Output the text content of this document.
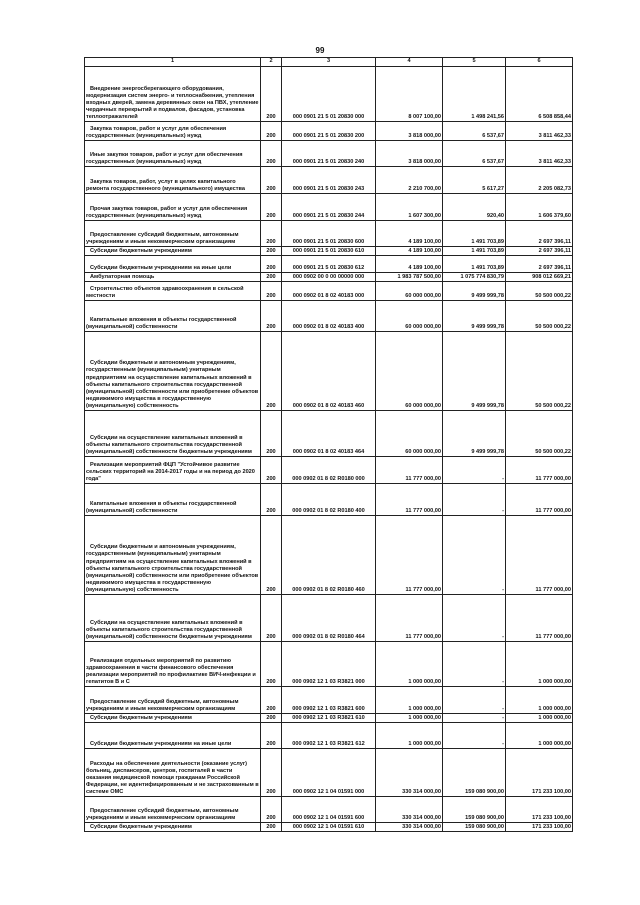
99
1	2	3	4	5	6
Внедрение энергосберегающего оборудования, модернизация систем энерго- и теплоснабжения, утепления входных дверей, замена деревянных окон на ПВХ, утепление чердачных перекрытий и подвалов, фасадов, установка теплоотражателей	200	000 0901 21 5 01 20830 000	8 007 100,00	1 498 241,56	6 508 858,44
Закупка товаров, работ и услуг для обеспечения государственных (муниципальных) нужд	200	000 0901 21 5 01 20830 200	3 818 000,00	6 537,67	3 811 462,33
Иные закупки товаров, работ и услуг для обеспечения государственных (муниципальных) нужд	200	000 0901 21 5 01 20830 240	3 818 000,00	6 537,67	3 811 462,33
Закупка товаров, работ, услуг в целях капитального ремонта государственного (муниципального) имущества	200	000 0901 21 5 01 20830 243	2 210 700,00	5 617,27	2 205 082,73
Прочая закупка товаров, работ и услуг для обеспечения государственных (муниципальных) нужд	200	000 0901 21 5 01 20830 244	1 607 300,00	920,40	1 606 379,60
Предоставление субсидий бюджетным, автономным учреждениям и иным некоммерческим организациям	200	000 0901 21 5 01 20830 600	4 189 100,00	1 491 703,89	2 697 396,11
Субсидии бюджетным учреждениям	200	000 0901 21 5 01 20830 610	4 189 100,00	1 491 703,89	2 697 396,11
Субсидии бюджетным учреждениям на иные цели	200	000 0901 21 5 01 20830 612	4 189 100,00	1 491 703,89	2 697 396,11
Амбулаторная помощь	200	000 0902 00 0 00 00000 000	1 983 787 500,00	1 075 774 830,79	908 012 669,21
Строительство объектов здравоохранения в сельской местности	200	000 0902 01 8 02 40183 000	60 000 000,00	9 499 999,78	50 500 000,22
Капитальные вложения в объекты государственной (муниципальной) собственности	200	000 0902 01 8 02 40183 400	60 000 000,00	9 499 999,78	50 500 000,22
Субсидии бюджетным и автономным учреждениям, государственным (муниципальным) унитарным предприятиям на осуществление капитальных вложений в объекты капитального строительства государственной (муниципальной) собственности или приобретение объектов недвижимого имущества в государственную (муниципальную) собственность	200	000 0902 01 8 02 40183 460	60 000 000,00	9 499 999,78	50 500 000,22
Субсидии на осуществление капитальных вложений в объекты капитального строительства государственной (муниципальной) собственности бюджетным учреждениям	200	000 0902 01 8 02 40183 464	60 000 000,00	9 499 999,78	50 500 000,22
Реализация мероприятий ФЦП "Устойчивое развитие сельских территорий на 2014-2017 годы и на период до 2020 года"	200	000 0902 01 8 02 R0180 000	11 777 000,00	-	11 777 000,00
Капитальные вложения в объекты государственной (муниципальной) собственности	200	000 0902 01 8 02 R0180 400	11 777 000,00	-	11 777 000,00
Субсидии бюджетным и автономным учреждениям, государственным (муниципальным) унитарным предприятиям на осуществление капитальных вложений в объекты капитального строительства государственной (муниципальной) собственности или приобретение объектов недвижимого имущества в государственную (муниципальную) собственность	200	000 0902 01 8 02 R0180 460	11 777 000,00	-	11 777 000,00
Субсидии на осуществление капитальных вложений в объекты капитального строительства государственной (муниципальной) собственности бюджетным учреждениям	200	000 0902 01 8 02 R0180 464	11 777 000,00	-	11 777 000,00
Реализация отдельных мероприятий по развитию здравоохранения в части финансового обеспечения реализации мероприятий по профилактике ВИЧ-инфекции и гепатитов B и C	200	000 0902 12 1 03 R3821 000	1 000 000,00	-	1 000 000,00
Предоставление субсидий бюджетным, автономным учреждениям и иным некоммерческим организациям	200	000 0902 12 1 03 R3821 600	1 000 000,00	-	1 000 000,00
Субсидии бюджетным учреждениям	200	000 0902 12 1 03 R3821 610	1 000 000,00	-	1 000 000,00
Субсидии бюджетным учреждениям на иные цели	200	000 0902 12 1 03 R3821 612	1 000 000,00	-	1 000 000,00
Расходы на обеспечение деятельности (оказание услуг) больниц, диспансеров, центров, госпиталей в части оказания медицинской помощи гражданам Российской Федерации, не идентифицированным и не застрахованным в системе ОМС	200	000 0902 12 1 04 01591 000	330 314 000,00	159 080 900,00	171 233 100,00
Предоставление субсидий бюджетным, автономным учреждениям и иным некоммерческим организациям	200	000 0902 12 1 04 01591 600	330 314 000,00	159 080 900,00	171 233 100,00
Субсидии бюджетным учреждениям	200	000 0902 12 1 04 01591 610	330 314 000,00	159 080 900,00	171 233 100,00
